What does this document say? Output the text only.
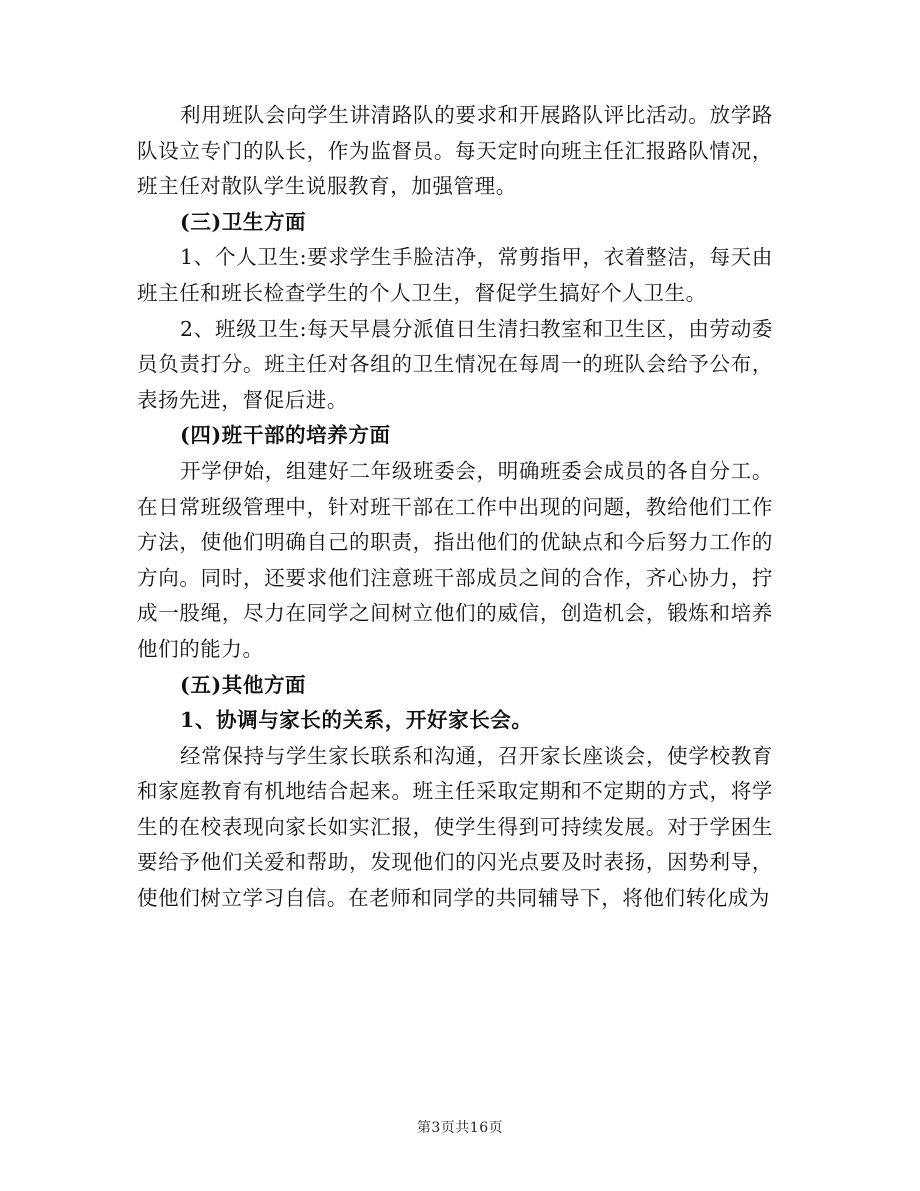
利用班队会向学生讲清路队的要求和开展路队评比活动。放学路队设立专门的队长，作为监督员。每天定时向班主任汇报路队情况，班主任对散队学生说服教育，加强管理。

(三)卫生方面

1、个人卫生:要求学生手脸洁净，常剪指甲，衣着整洁，每天由班主任和班长检查学生的个人卫生，督促学生搞好个人卫生。

2、班级卫生:每天早晨分派值日生清扫教室和卫生区，由劳动委员负责打分。班主任对各组的卫生情况在每周一的班队会给予公布，表扬先进，督促后进。

(四)班干部的培养方面

开学伊始，组建好二年级班委会，明确班委会成员的各自分工。在日常班级管理中，针对班干部在工作中出现的问题，教给他们工作方法，使他们明确自己的职责，指出他们的优缺点和今后努力工作的方向。同时，还要求他们注意班干部成员之间的合作，齐心协力，拧成一股绳，尽力在同学之间树立他们的威信，创造机会，锻炼和培养他们的能力。

(五)其他方面

1、协调与家长的关系，开好家长会。

经常保持与学生家长联系和沟通，召开家长座谈会，使学校教育和家庭教育有机地结合起来。班主任采取定期和不定期的方式，将学生的在校表现向家长如实汇报，使学生得到可持续发展。对于学困生要给予他们关爱和帮助，发现他们的闪光点要及时表扬，因势利导，使他们树立学习自信。在老师和同学的共同辅导下，将他们转化成为

第3页共16页
